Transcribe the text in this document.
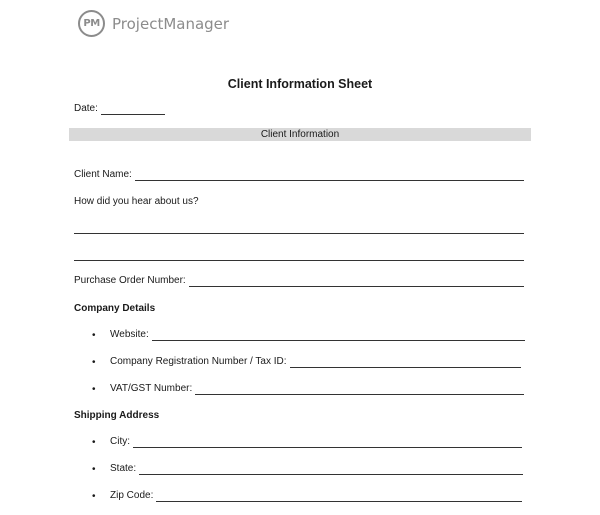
PM ProjectManager
Client Information Sheet
Date:
Client Information
Client Name:
How did you hear about us?
Purchase Order Number:
Company Details
• Website:
• Company Registration Number / Tax ID:
• VAT/GST Number:
Shipping Address
• City:
• State:
• Zip Code:
